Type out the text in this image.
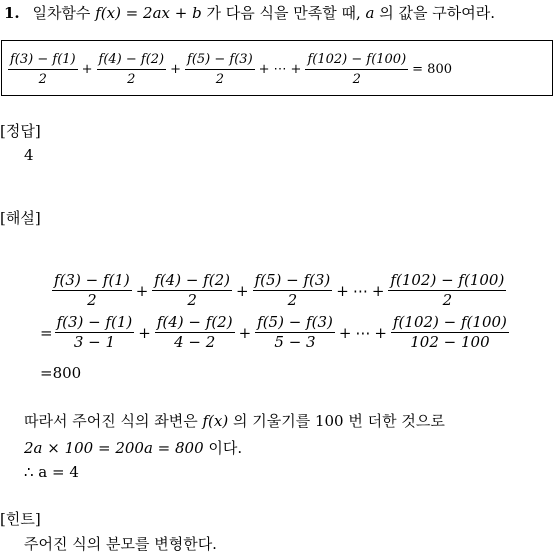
1. 일차함수 f(x) = 2ax + b 가 다음 식을 만족할 때, a 의 값을 구하여라.
$\frac{f(3) - f(1)}{2} + \frac{f(4) - f(2)}{2} + \frac{f(5) - f(3)}{2}$ + ⋯ + $\frac{f(102) - f(100)}{2} = 800$
[정답]
4
[해설]
$\frac{f(3) - f(1)}{2} + \frac{f(4) - f(2)}{2} + \frac{f(5) - f(3)}{2}$ + ⋯ + $\frac{f(102) - f(100)}{2}$
= $\frac{f(3) - f(1)}{3 - 1} + \frac{f(4) - f(2)}{4 - 2} + \frac{f(5) - f(3)}{5 - 3}$ + ⋯ + $\frac{f(102) - f(100)}{102 - 100}$
=800
따라서 주어진 식의 좌변은 f(x) 의 기울기를 100 번 더한 것으로
2a × 100 = 200a = 800 이다.
∴ a = 4
[힌트]
주어진 식의 분모를 변형한다.
